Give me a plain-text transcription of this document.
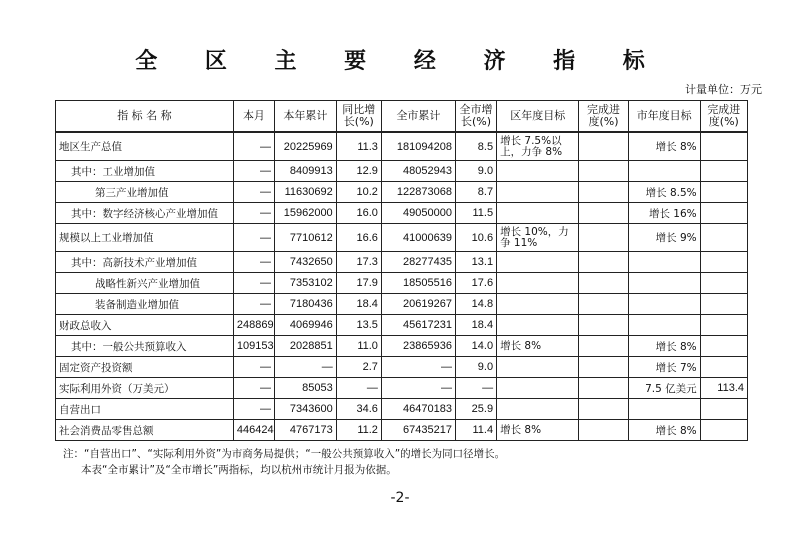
全 区 主 要 经 济 指 标
计量单位：万元
指 标 名 称	本月	本年累计	同比增长(%)	全市累计	全市增长(%)	区年度目标	完成进度(%)	市年度目标	完成进度(%)
地区生产总值	—	20225969	11.3	181094208	8.5	增长 7.5%以上，力争 8%		增长 8%	
其中：工业增加值	—	8409913	12.9	48052943	9.0				
第三产业增加值	—	11630692	10.2	122873068	8.7			增长 8.5%	
其中：数字经济核心产业增加值	—	15962000	16.0	49050000	11.5			增长 16%	
规模以上工业增加值	—	7710612	16.6	41000639	10.6	增长 10%，力争 11%		增长 9%	
其中：高新技术产业增加值	—	7432650	17.3	28277435	13.1				
战略性新兴产业增加值	—	7353102	17.9	18505516	17.6				
装备制造业增加值	—	7180436	18.4	20619267	14.8				
财政总收入	248869	4069946	13.5	45617231	18.4				
其中：一般公共预算收入	109153	2028851	11.0	23865936	14.0	增长 8%		增长 8%	
固定资产投资额	—	—	2.7	—	9.0			增长 7%	
实际利用外资（万美元）	—	85053	—	—	—			7.5 亿美元	113.4
自营出口	—	7343600	34.6	46470183	25.9				
社会消费品零售总额	446424	4767173	11.2	67435217	11.4	增长 8%		增长 8%	
注：“自营出口”、“实际利用外资”为市商务局提供；“一般公共预算收入”的增长为同口径增长。
本表“全市累计”及“全市增长”两指标，均以杭州市统计月报为依据。
-2-
